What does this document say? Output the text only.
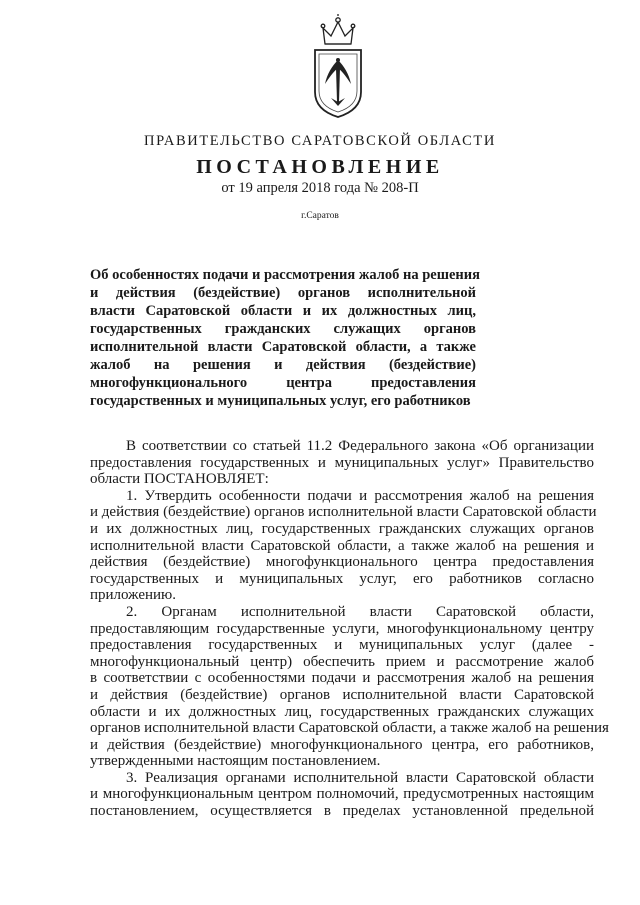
ПРАВИТЕЛЬСТВО САРАТОВСКОЙ ОБЛАСТИ
ПОСТАНОВЛЕНИЕ
от 19 апреля 2018 года № 208-П
г.Саратов
Об особенностях подачи и рассмотрения жалоб на решения
и действия (бездействие) органов исполнительной
власти Саратовской области и их должностных лиц,
государственных гражданских служащих органов
исполнительной власти Саратовской области, а также
жалоб на решения и действия (бездействие)
многофункционального центра предоставления
государственных и муниципальных услуг, его работников
В соответствии со статьей 11.2 Федерального закона «Об организации
предоставления государственных и муниципальных услуг» Правительство
области ПОСТАНОВЛЯЕТ:
1. Утвердить особенности подачи и рассмотрения жалоб на решения
и действия (бездействие) органов исполнительной власти Саратовской области
и их должностных лиц, государственных гражданских служащих органов
исполнительной власти Саратовской области, а также жалоб на решения и
действия (бездействие) многофункционального центра предоставления
государственных и муниципальных услуг, его работников согласно
приложению.
2. Органам исполнительной власти Саратовской области,
предоставляющим государственные услуги, многофункциональному центру
предоставления государственных и муниципальных услуг (далее -
многофункциональный центр) обеспечить прием и рассмотрение жалоб
в соответствии с особенностями подачи и рассмотрения жалоб на решения
и действия (бездействие) органов исполнительной власти Саратовской
области и их должностных лиц, государственных гражданских служащих
органов исполнительной власти Саратовской области, а также жалоб на решения
и действия (бездействие) многофункционального центра, его работников,
утвержденными настоящим постановлением.
3. Реализация органами исполнительной власти Саратовской области
и многофункциональным центром полномочий, предусмотренных настоящим
постановлением, осуществляется в пределах установленной предельной
